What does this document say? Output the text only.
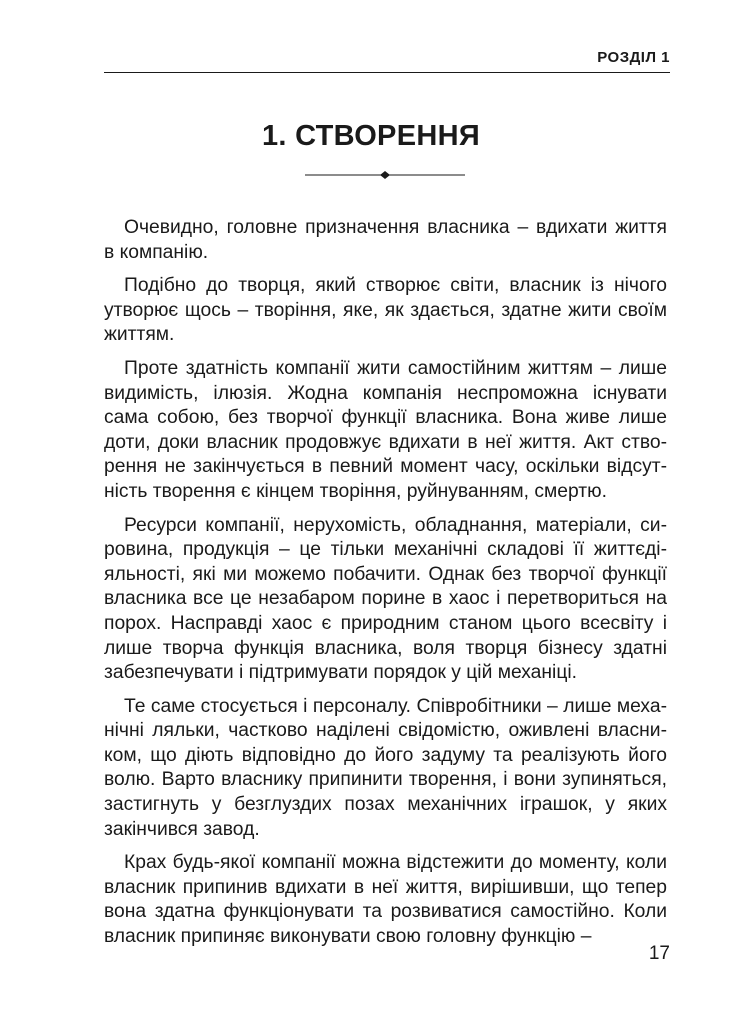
РОЗДІЛ 1
1. СТВОРЕННЯ

Очевидно, головне призначення власника – вдихати життя в компанію.

Подібно до творця, який створює світи, власник із нічого утворює щось – творіння, яке, як здається, здатне жити своїм життям.

Проте здатність компанії жити самостійним життям – лише видимість, ілюзія. Жодна компанія неспроможна існувати сама собою, без творчої функції власника. Вона живе лише доти, доки власник продовжує вдихати в неї життя. Акт створення не закінчується в певний момент часу, оскільки відсутність творення є кінцем творіння, руйнуванням, смертю.

Ресурси компанії, нерухомість, обладнання, матеріали, сировина, продукція – це тільки механічні складові її життєдіяльності, які ми можемо побачити. Однак без творчої функції власника все це незабаром порине в хаос і перетвориться на порох. Насправді хаос є природним станом цього всесвіту і лише творча функція власника, воля творця бізнесу здатні забезпечувати і підтримувати порядок у цій механіці.

Те саме стосується і персоналу. Співробітники – лише механічні ляльки, частково наділені свідомістю, оживлені власником, що діють відповідно до його задуму та реалізують його волю. Варто власнику припинити творення, і вони зупиняться, застигнуть у безглуздих позах механічних іграшок, у яких закінчився завод.

Крах будь-якої компанії можна відстежити до моменту, коли власник припинив вдихати в неї життя, вирішивши, що тепер вона здатна функціонувати та розвиватися самостійно. Коли власник припиняє виконувати свою головну функцію –

17
